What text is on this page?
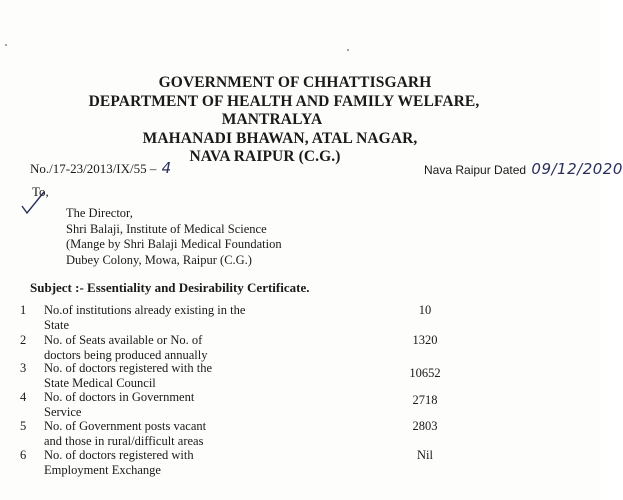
GOVERNMENT OF CHHATTISGARH
DEPARTMENT OF HEALTH AND FAMILY WELFARE,
MANTRALYA
MAHANADI BHAWAN, ATAL NAGAR,
NAVA RAIPUR (C.G.)
No./17-23/2013/IX/55 – 4	Nava Raipur Dated 09/12/2020
To,
The Director,
Shri Balaji, Institute of Medical Science
(Mange by Shri Balaji Medical Foundation
Dubey Colony, Mowa, Raipur (C.G.)
Subject :- Essentiality and Desirability Certificate.
1 No.of institutions already existing in the State
10
2 No. of Seats available or No. of
doctors being produced annually
1320
3 No. of doctors registered with the
State Medical Council
10652
4 No. of doctors in Government
Service
2718
5 No. of Government posts vacant
and those in rural/difficult areas
2803
6 No. of doctors registered with
Employment Exchange
Nil
